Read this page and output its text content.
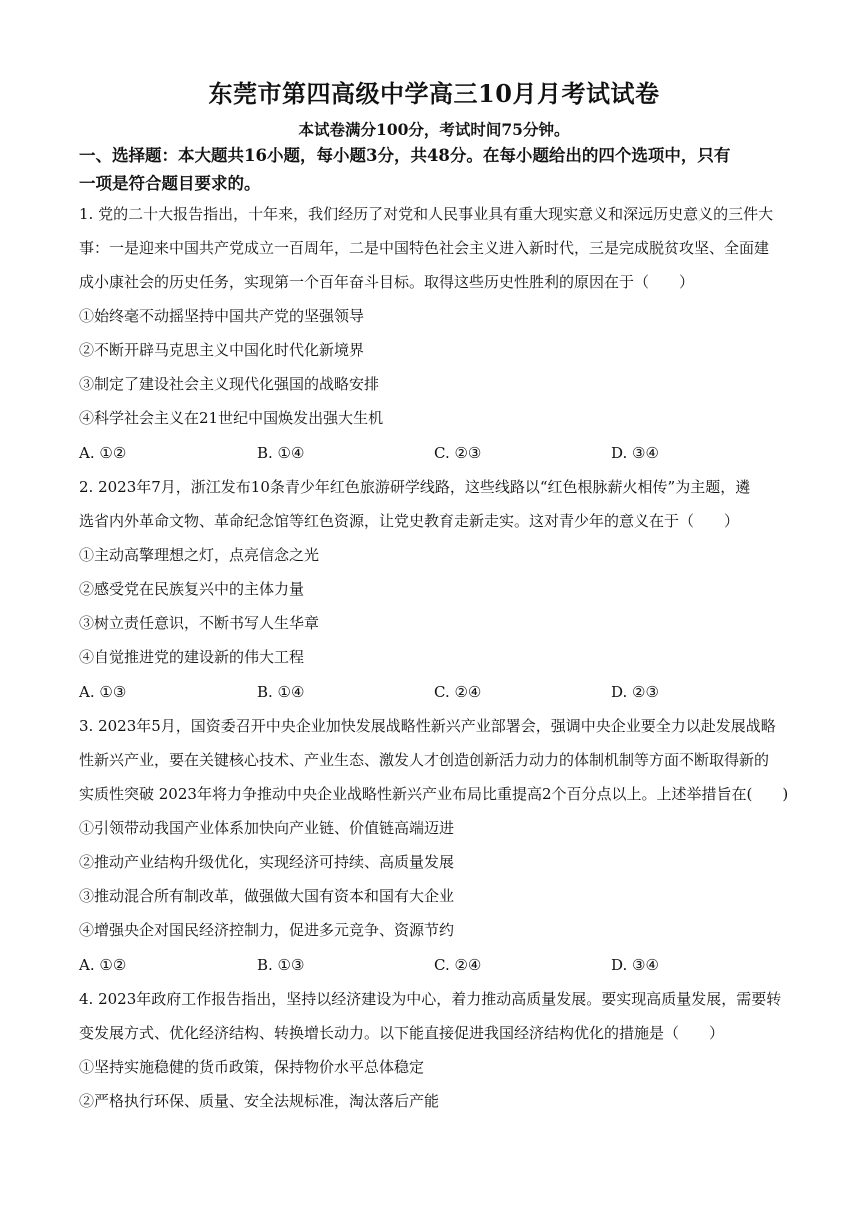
东莞市第四高级中学高三10月月考试试卷
本试卷满分100分，考试时间75分钟。
一、选择题：本大题共16小题，每小题3分，共48分。在每小题给出的四个选项中，只有
一项是符合题目要求的。
1. 党的二十大报告指出，十年来，我们经历了对党和人民事业具有重大现实意义和深远历史意义的三件大
事：一是迎来中国共产党成立一百周年，二是中国特色社会主义进入新时代，三是完成脱贫攻坚、全面建
成小康社会的历史任务，实现第一个百年奋斗目标。取得这些历史性胜利的原因在于（　　）
①始终毫不动摇坚持中国共产党的坚强领导
②不断开辟马克思主义中国化时代化新境界
③制定了建设社会主义现代化强国的战略安排
④科学社会主义在21世纪中国焕发出强大生机
A. ①②	B. ①④	C. ②③	D. ③④
2. 2023年7月，浙江发布10条青少年红色旅游研学线路，这些线路以“红色根脉薪火相传”为主题，遴
选省内外革命文物、革命纪念馆等红色资源，让党史教育走新走实。这对青少年的意义在于（　　）
①主动高擎理想之灯，点亮信念之光
②感受党在民族复兴中的主体力量
③树立责任意识，不断书写人生华章
④自觉推进党的建设新的伟大工程
A. ①③	B. ①④	C. ②④	D. ②③
3. 2023年5月，国资委召开中央企业加快发展战略性新兴产业部署会，强调中央企业要全力以赴发展战略
性新兴产业，要在关键核心技术、产业生态、激发人才创造创新活力动力的体制机制等方面不断取得新的
实质性突破 2023年将力争推动中央企业战略性新兴产业布局比重提高2个百分点以上。上述举措旨在(　　)
①引领带动我国产业体系加快向产业链、价值链高端迈进
②推动产业结构升级优化，实现经济可持续、高质量发展
③推动混合所有制改革，做强做大国有资本和国有大企业
④增强央企对国民经济控制力，促进多元竞争、资源节约
A. ①②	B. ①③	C. ②④	D. ③④
4. 2023年政府工作报告指出，坚持以经济建设为中心，着力推动高质量发展。要实现高质量发展，需要转
变发展方式、优化经济结构、转换增长动力。以下能直接促进我国经济结构优化的措施是（　　）
①坚持实施稳健的货币政策，保持物价水平总体稳定
②严格执行环保、质量、安全法规标准，淘汰落后产能
